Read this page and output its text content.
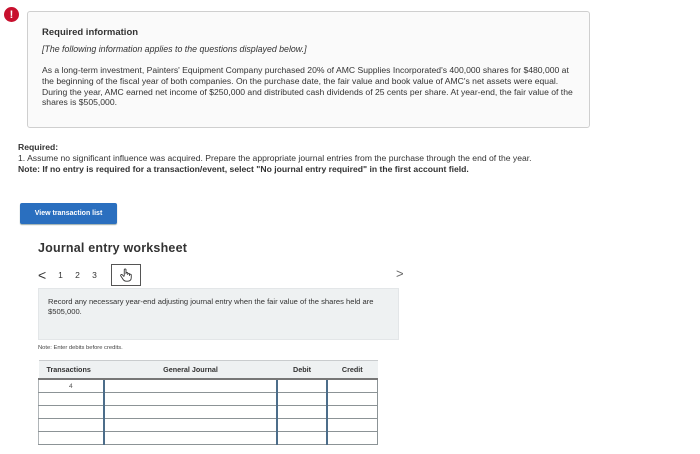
!

Required information

[The following information applies to the questions displayed below.]

As a long-term investment, Painters' Equipment Company purchased 20% of AMC Supplies Incorporated's 400,000 shares for $480,000 at the beginning of the fiscal year of both companies. On the purchase date, the fair value and book value of AMC's net assets were equal. During the year, AMC earned net income of $250,000 and distributed cash dividends of 25 cents per share. At year-end, the fair value of the shares is $505,000.

Required:
1. Assume no significant influence was acquired. Prepare the appropriate journal entries from the purchase through the end of the year.
Note: If no entry is required for a transaction/event, select "No journal entry required" in the first account field.
View transaction list
Journal entry worksheet
<	1	2	3	>
Record any necessary year-end adjusting journal entry when the fair value of the shares held are $505,000.
Note: Enter debits before credits.
Transactions	General Journal	Debit	Credit
4			
